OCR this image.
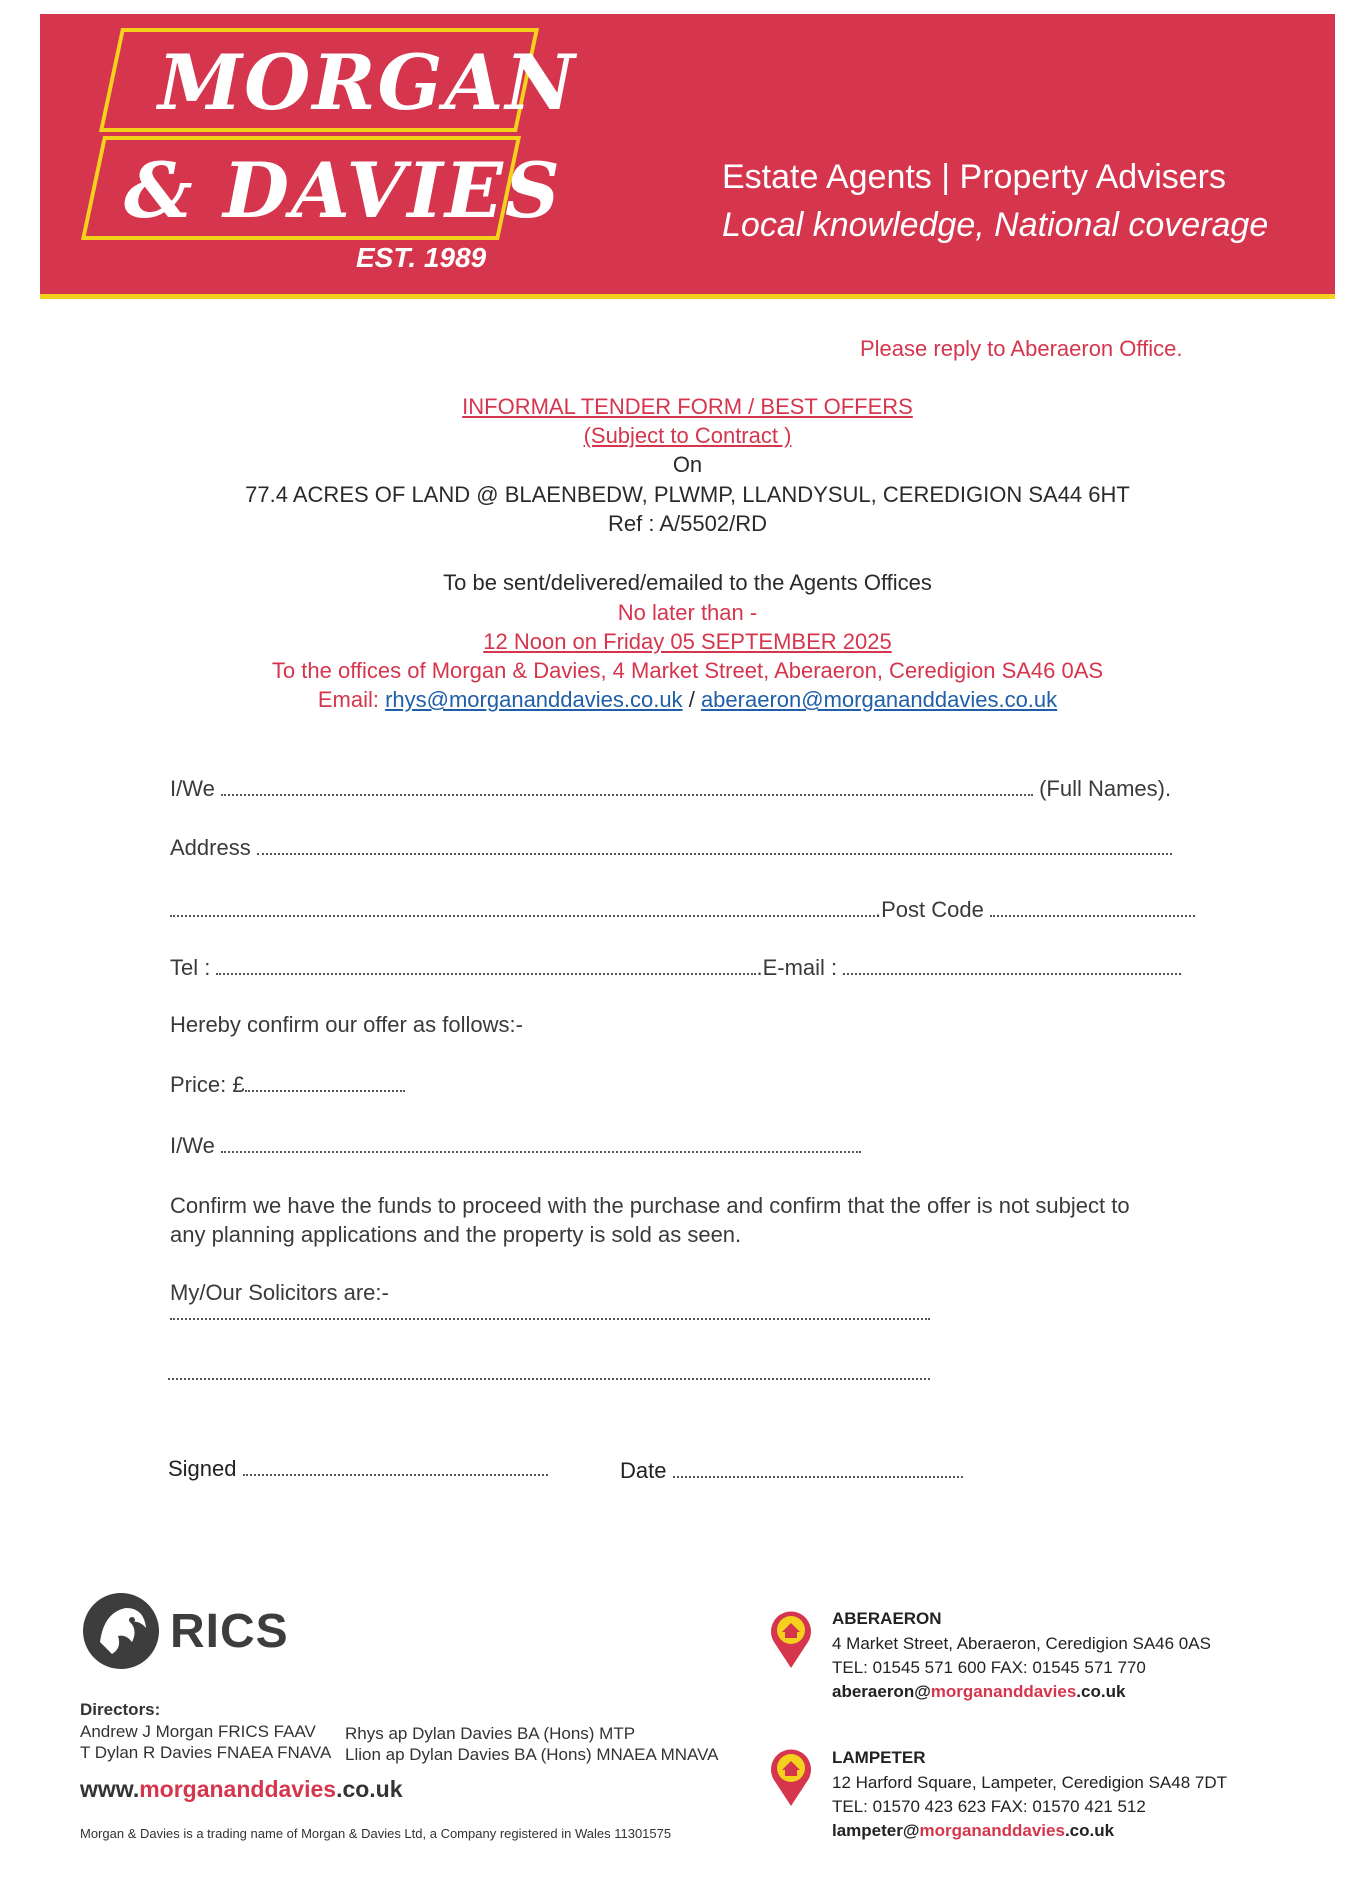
MORGAN
& DAVIES
EST. 1989
Estate Agents | Property Advisers
Local knowledge, National coverage
Please reply to Aberaeron Office.
INFORMAL TENDER FORM / BEST OFFERS
(Subject to Contract )
On
77.4 ACRES OF LAND @ BLAENBEDW, PLWMP, LLANDYSUL, CEREDIGION SA44 6HT
Ref : A/5502/RD
To be sent/delivered/emailed to the Agents Offices
No later than -
12 Noon on Friday 05 SEPTEMBER 2025
To the offices of Morgan & Davies, 4 Market Street, Aberaeron, Ceredigion SA46 0AS
Email: rhys@morgananddavies.co.uk / aberaeron@morgananddavies.co.uk
I/We	(Full Names).
Address
.Post Code
Tel :	.E-mail :
Hereby confirm our offer as follows:-
Price: £
I/We
Confirm we have the funds to proceed with the purchase and confirm that the offer is not subject to
any planning applications and the property is sold as seen.
My/Our Solicitors are:-
Signed	Date
RICS
Directors:
Andrew J Morgan FRICS FAAV
T Dylan R Davies FNAEA FNAVA
Rhys ap Dylan Davies BA (Hons) MTP
Llion ap Dylan Davies BA (Hons) MNAEA MNAVA
www.morgananddavies.co.uk
Morgan & Davies is a trading name of Morgan & Davies Ltd, a Company registered in Wales 11301575
ABERAERON
4 Market Street, Aberaeron, Ceredigion SA46 0AS
TEL: 01545 571 600 FAX: 01545 571 770
aberaeron@morgananddavies.co.uk
LAMPETER
12 Harford Square, Lampeter, Ceredigion SA48 7DT
TEL: 01570 423 623 FAX: 01570 421 512
lampeter@morgananddavies.co.uk
